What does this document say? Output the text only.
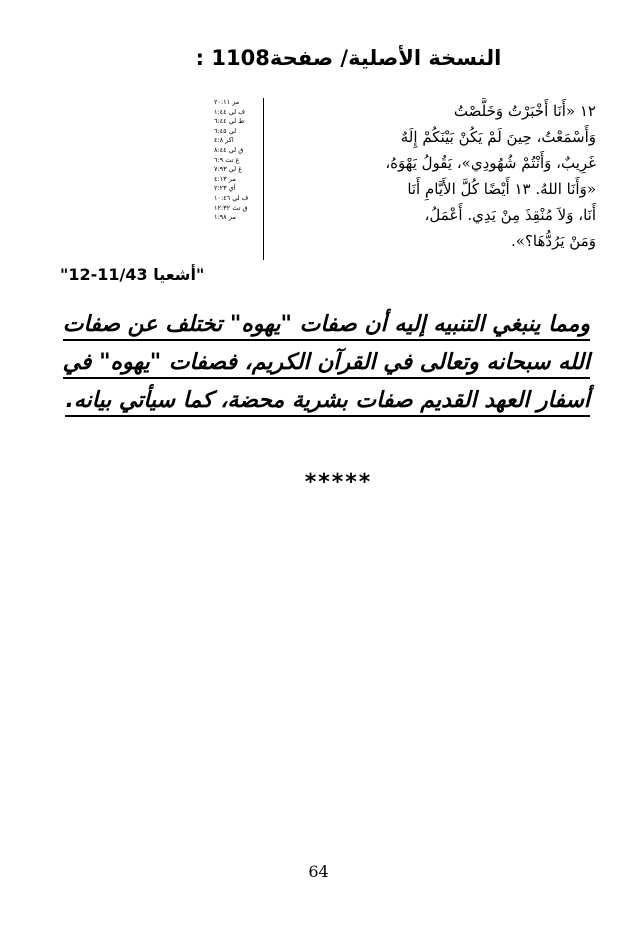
النسخة الأصلية/ صفحة1108 :
مز ٢٠:١١
ف لي ١:٤٤
ط لي ٦:٤٤
لي ٦:٤٥
اكر ٤:٨
ق لي ٨:٤٤
ع تث ٦:٩
غ لي ٧:٩٣
مر ٤:١٣
أي ٢:٢٣
ف لي ١٠:٤٦
ق تث ١٢:٣٢
مز ١:٩٨
١٢ «أَنَا أَخْبَرْتُ وَخَلَّصْتُ
وَأَسْمَعْتُ، حِينَ لَمْ يَكُنْ بَيْنَكُمْ إِلَهٌ
غَرِيبٌ، وَأَنْتُمْ شُهُودِي»، يَقُولُ يَهْوَهُ،
«وَأَنَا اللهُ. ١٣ أَيْضًا كُلَّ الأَيَّامِ أَنَا
أَنَا، وَلاَ مُنْقِذَ مِنْ يَدِي. أَعْمَلُ،
وَمَنْ يَرُدُّهَا؟».
"12-11/43 أشعيا"
ومما ينبغي التنبيه إليه أن صفات "يهوه" تختلف عن صفات
الله سبحانه وتعالى في القرآن الكريم، فصفات "يهوه" في
أسفار العهد القديم صفات بشرية محضة، كما سيأتي بيانه.
*****
64
